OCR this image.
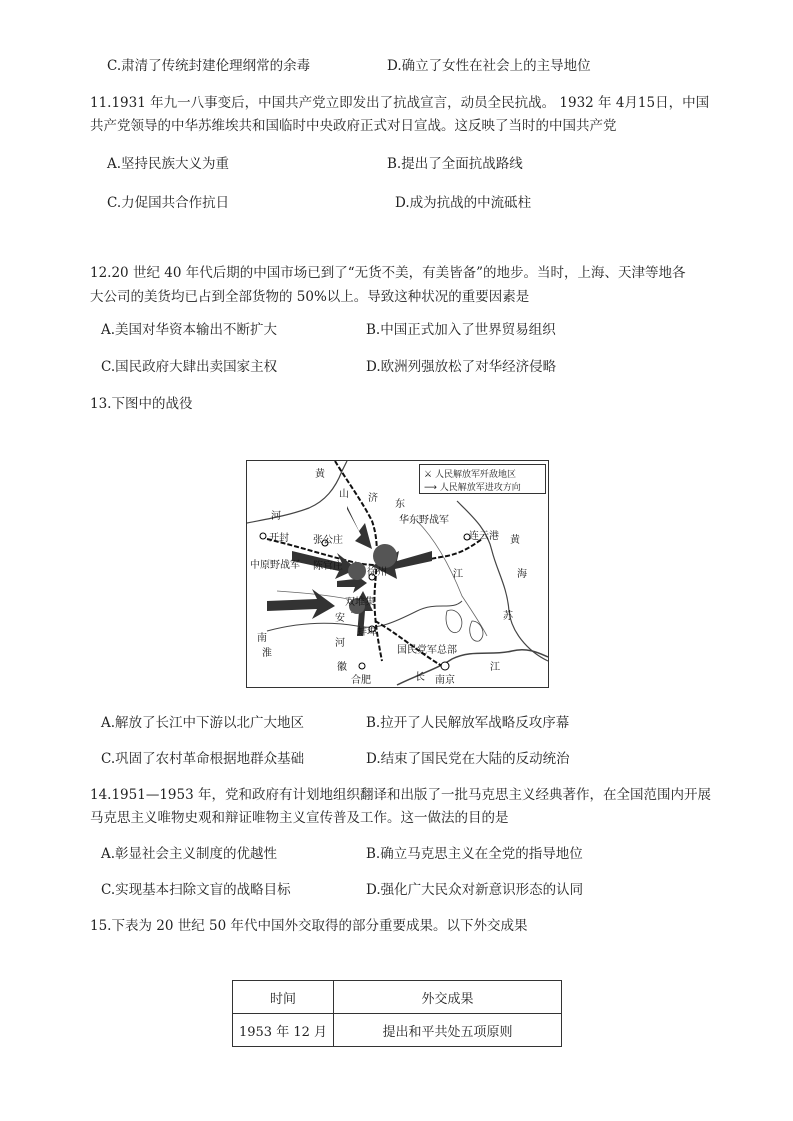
C.肃清了传统封建伦理纲常的余毒	D.确立了女性在社会上的主导地位
11.1931 年九一八事变后，中国共产党立即发出了抗战宣言，动员全民抗战。 1932 年 4月15日，中国
共产党领导的中华苏维埃共和国临时中央政府正式对日宣战。这反映了当时的中国共产党
A.坚持民族大义为重	B.提出了全面抗战路线
C.力促国共合作抗日	D.成为抗战的中流砥柱
12.20 世纪 40 年代后期的中国市场已到了“无货不美，有美皆备”的地步。当时，上海、天津等地各
大公司的美货均已占到全部货物的 50%以上。导致这种状况的重要因素是
A.美国对华资本输出不断扩大	B.中国正式加入了世界贸易组织
C.国民政府大肆出卖国家主权	D.欧洲列强放松了对华经济侵略
13.下图中的战役
⚔ 人民解放军歼敌地区
⟶ 人民解放军进攻方向
黄
河
山
东
济
华东野战军
连云港
开封 张公庄
中原野战军 陈官庄
徐州	江
黄
海
双堆集
安
蚌埠
苏
南
淮
河
徽
国民党军总部
江
合肥	长 南京
A.解放了长江中下游以北广大地区	B.拉开了人民解放军战略反攻序幕
C.巩固了农村革命根据地群众基础	D.结束了国民党在大陆的反动统治
14.1951—1953 年，党和政府有计划地组织翻译和出版了一批马克思主义经典著作，在全国范围内开展
马克思主义唯物史观和辩证唯物主义宣传普及工作。这一做法的目的是
A.彰显社会主义制度的优越性	B.确立马克思主义在全党的指导地位
C.实现基本扫除文盲的战略目标	D.强化广大民众对新意识形态的认同
15.下表为 20 世纪 50 年代中国外交取得的部分重要成果。以下外交成果
时间	外交成果
1953 年 12 月	提出和平共处五项原则
